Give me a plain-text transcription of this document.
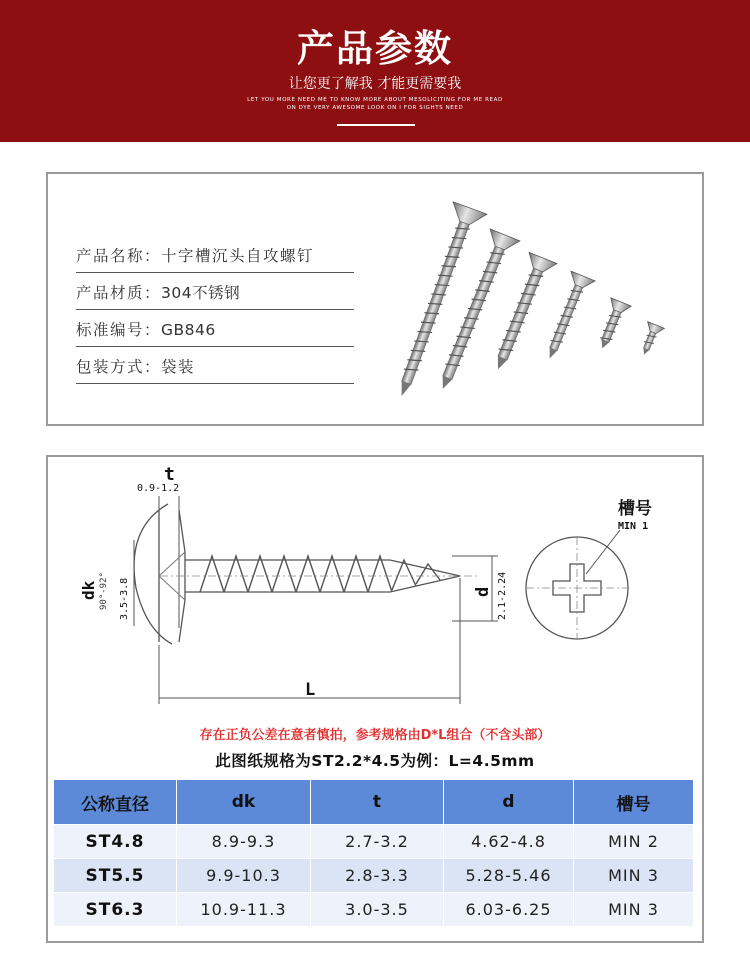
产品参数
让您更了解我 才能更需要我
LET YOU MORE NEED ME TO KNOW MORE ABOUT MESOLICITING FOR ME READ
ON DYE VERY AWESOME LOOK ON I FOR SIGHTS NEED
产品名称：十字槽沉头自攻螺钉
产品材质：304不锈钢
标准编号：GB846
包装方式：袋装
t
0.9-1.2
dk 90°-92° 3.5-3.8	d 2.1-2.24
L
槽号
MIN 1
存在正负公差在意者慎拍，参考规格由D*L组合（不含头部）
此图纸规格为ST2.2*4.5为例：L=4.5mm
公称直径	dk	t	d	槽号
ST4.8	8.9-9.3	2.7-3.2	4.62-4.8	MIN 2
ST5.5	9.9-10.3	2.8-3.3	5.28-5.46	MIN 3
ST6.3	10.9-11.3	3.0-3.5	6.03-6.25	MIN 3
